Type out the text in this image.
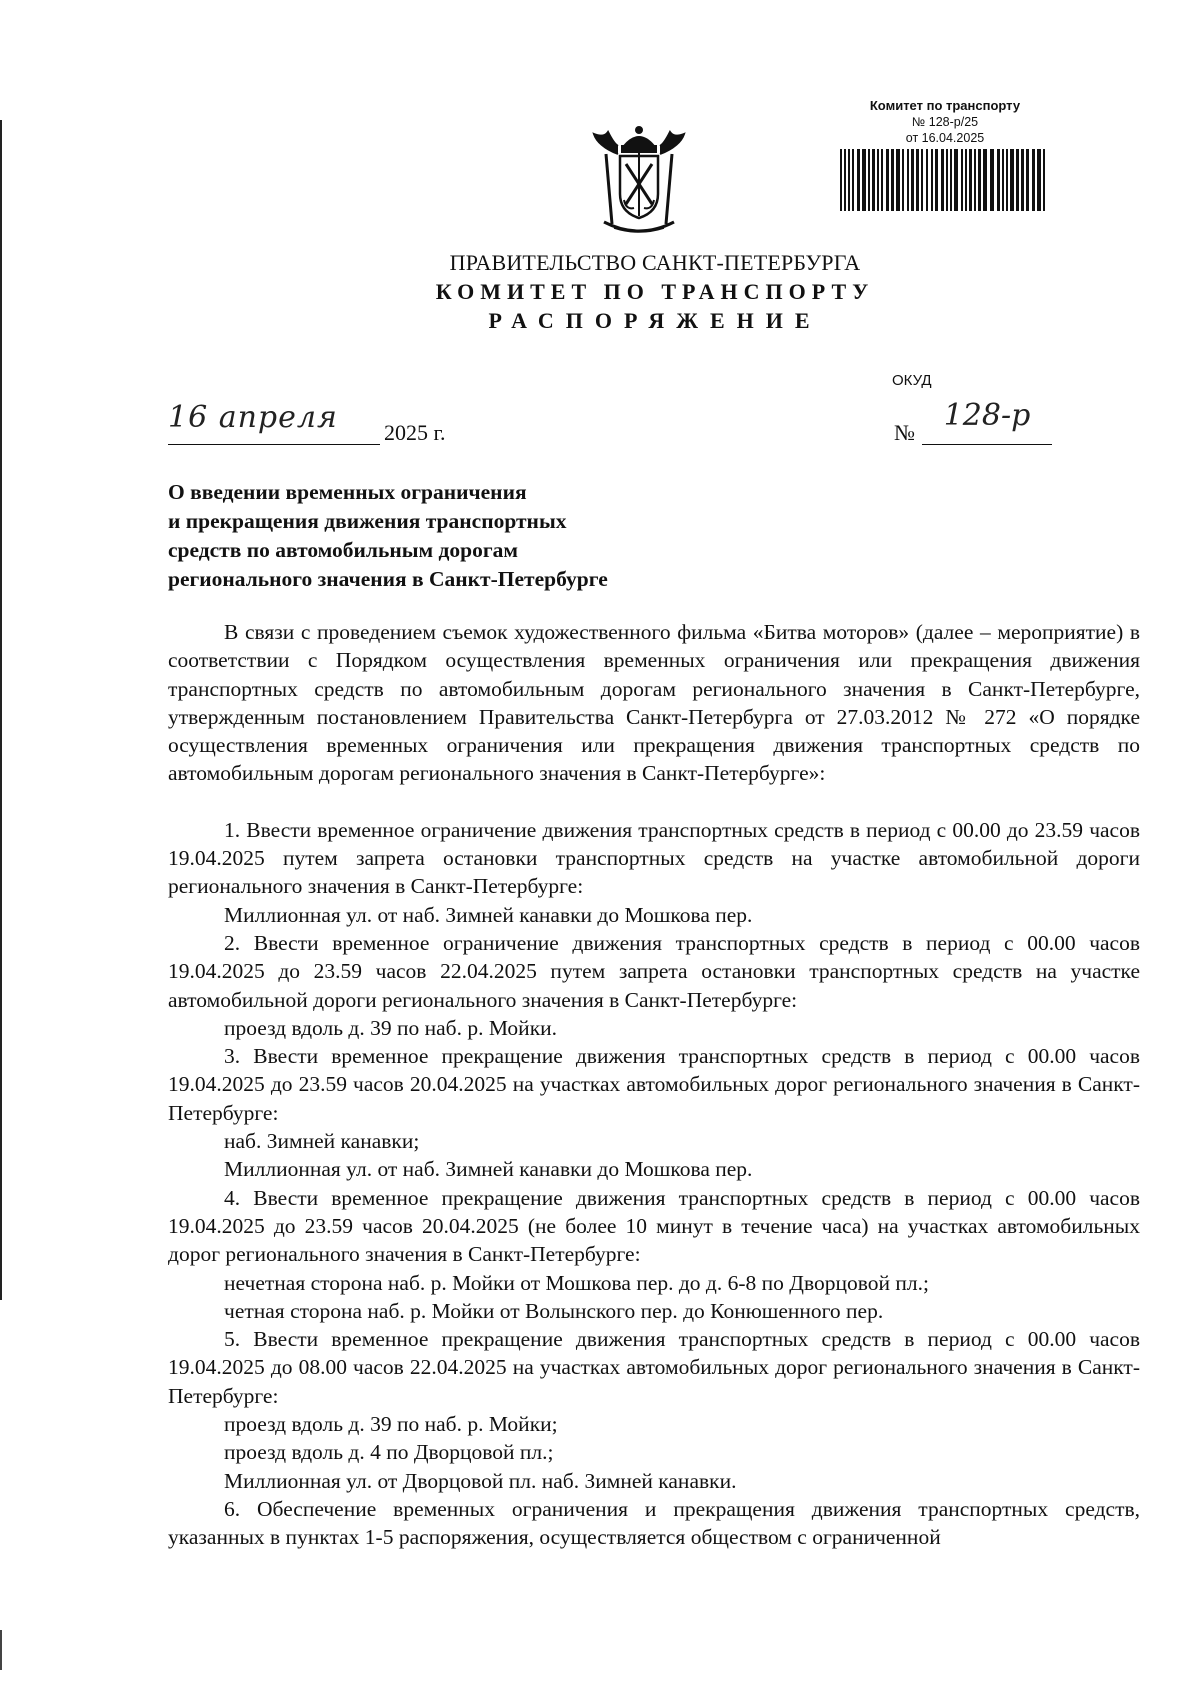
Комитет по транспорту
№ 128-р/25
от 16.04.2025
ПРАВИТЕЛЬСТВО САНКТ-ПЕТЕРБУРГА
КОМИТЕТ ПО ТРАНСПОРТУ
РАСПОРЯЖЕНИЕ
ОКУД
16 апреля	2025 г.	№ 128-р
О введении временных ограничения
и прекращения движения транспортных
средств по автомобильным дорогам
регионального значения в Санкт-Петербурге

В связи с проведением съемок художественного фильма «Битва моторов» (далее – мероприятие) в соответствии с Порядком осуществления временных ограничения или прекращения движения транспортных средств по автомобильным дорогам регионального значения в Санкт-Петербурге, утвержденным постановлением Правительства Санкт-Петербурга от 27.03.2012 № 272 «О порядке осуществления временных ограничения или прекращения движения транспортных средств по автомобильным дорогам регионального значения в Санкт-Петербурге»:

1. Ввести временное ограничение движения транспортных средств в период с 00.00 до 23.59 часов 19.04.2025 путем запрета остановки транспортных средств на участке автомобильной дороги регионального значения в Санкт-Петербурге:

Миллионная ул. от наб. Зимней канавки до Мошкова пер.

2. Ввести временное ограничение движения транспортных средств в период с 00.00 часов 19.04.2025 до 23.59 часов 22.04.2025 путем запрета остановки транспортных средств на участке автомобильной дороги регионального значения в Санкт-Петербурге:

проезд вдоль д. 39 по наб. р. Мойки.

3. Ввести временное прекращение движения транспортных средств в период с 00.00 часов 19.04.2025 до 23.59 часов 20.04.2025 на участках автомобильных дорог регионального значения в Санкт-Петербурге:

наб. Зимней канавки;

Миллионная ул. от наб. Зимней канавки до Мошкова пер.

4. Ввести временное прекращение движения транспортных средств в период с 00.00 часов 19.04.2025 до 23.59 часов 20.04.2025 (не более 10 минут в течение часа) на участках автомобильных дорог регионального значения в Санкт-Петербурге:

нечетная сторона наб. р. Мойки от Мошкова пер. до д. 6-8 по Дворцовой пл.;

четная сторона наб. р. Мойки от Волынского пер. до Конюшенного пер.

5. Ввести временное прекращение движения транспортных средств в период с 00.00 часов 19.04.2025 до 08.00 часов 22.04.2025 на участках автомобильных дорог регионального значения в Санкт-Петербурге:

проезд вдоль д. 39 по наб. р. Мойки;

проезд вдоль д. 4 по Дворцовой пл.;

Миллионная ул. от Дворцовой пл. наб. Зимней канавки.

6. Обеспечение временных ограничения и прекращения движения транспортных средств, указанных в пунктах 1-5 распоряжения, осуществляется обществом с ограниченной
